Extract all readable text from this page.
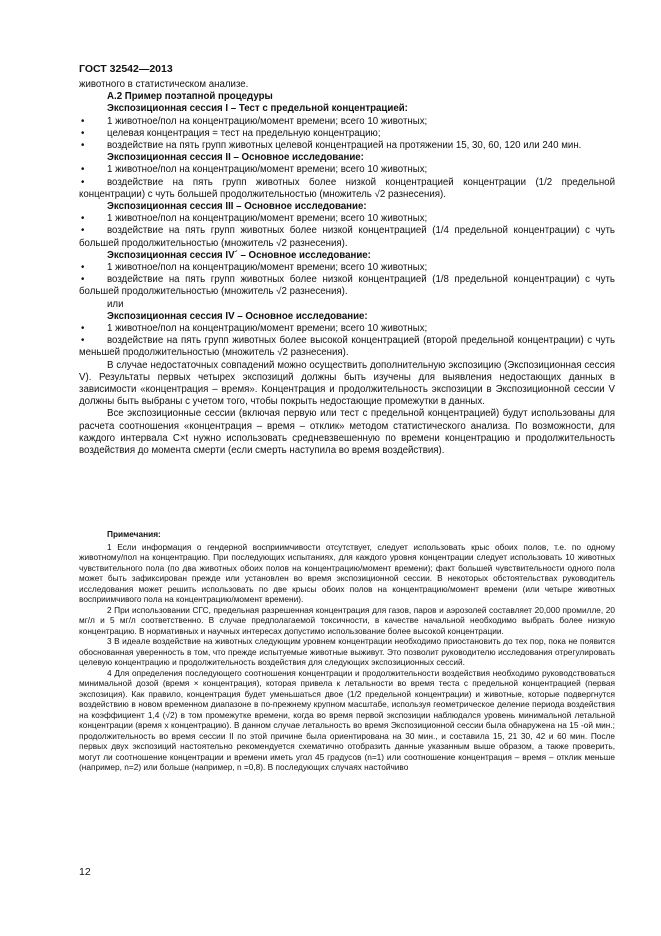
ГОСТ 32542—2013

животного в статистическом анализе.

А.2 Пример поэтапной процедуры

Экспозиционная сессия I – Тест с предельной концентрацией:

•	1 животное/пол на концентрацию/момент времени; всего 10 животных;
•	целевая концентрация = тест на предельную концентрацию;

• воздействие на пять групп животных целевой концентрацией на протяжении 15, 30, 60, 120 или 240 мин.

Экспозиционная сессия II – Основное исследование:

•	1 животное/пол на концентрацию/момент времени; всего 10 животных;

• воздействие на пять групп животных более низкой концентрацией концентрации (1/2 предельной концентрации) с чуть большей продолжительностью (множитель √2 разнесения).

Экспозиционная сессия III – Основное исследование:

•	1 животное/пол на концентрацию/момент времени; всего 10 животных;

• воздействие на пять групп животных более низкой концентрацией (1/4 предельной концентрации) с чуть большей продолжительностью (множитель √2 разнесения).

Экспозиционная сессия IV´ – Основное исследование:

•	1 животное/пол на концентрацию/момент времени; всего 10 животных;

• воздействие на пять групп животных более низкой концентрацией (1/8 предельной концентрации) с чуть большей продолжительностью (множитель √2 разнесения).

или

Экспозиционная сессия IV – Основное исследование:

•	1 животное/пол на концентрацию/момент времени; всего 10 животных;

• воздействие на пять групп животных более высокой концентрацией (второй предельной концентрации) с чуть меньшей продолжительностью (множитель √2 разнесения).

В случае недостаточных совпадений можно осуществить дополнительную экспозицию (Экспозиционная сессия V). Результаты первых четырех экспозиций должны быть изучены для выявления недостающих данных в зависимости «концентрация – время». Концентрация и продолжительность экспозиции в Экспозиционной сессии V должны быть выбраны с учетом того, чтобы покрыть недостающие промежутки в данных.

Все экспозиционные сессии (включая первую или тест с предельной концентрацией) будут использованы для расчета соотношения «концентрация – время – отклик» методом статистического анализа. По возможности, для каждого интервала C×t нужно использовать средневзвешенную по времени концентрацию и продолжительность воздействия до момента смерти (если смерть наступила во время воздействия).

Примечания:

1 Если информация о гендерной восприимчивости отсутствует, следует использовать крыс обоих полов, т.е. по одному животному/пол на концентрацию. При последующих испытаниях, для каждого уровня концентрации следует использовать 10 животных чувствительного пола (по два животных обоих полов на концентрацию/момент времени); факт большей чувствительности одного пола может быть зафиксирован прежде или установлен во время экспозиционной сессии. В некоторых обстоятельствах руководитель исследования может решить использовать по две крысы обоих полов на концентрацию/момент времени (или четыре животных восприимчивого пола на концентрацию/момент времени).

2 При использовании СГС, предельная разрешенная концентрация для газов, паров и аэрозолей составляет 20,000 промилле, 20 мг/л и 5 мг/л соответственно. В случае предполагаемой токсичности, в качестве начальной необходимо выбрать более низкую концентрацию. В нормативных и научных интересах допустимо использование более высокой концентрации.

3 В идеале воздействие на животных следующим уровнем концентрации необходимо приостановить до тех пор, пока не появится обоснованная уверенность в том, что прежде испытуемые животные выживут. Это позволит руководителю исследования отрегулировать целевую концентрацию и продолжительность воздействия для следующих экспозиционных сессий.

4 Для определения последующего соотношения концентрации и продолжительности воздействия необходимо руководствоваться минимальной дозой (время × концентрация), которая привела к летальности во время теста с предельной концентрацией (первая экспозиция). Как правило, концентрация будет уменьшаться двое (1/2 предельной концентрации) и животные, которые подвергнутся воздействию в новом временном диапазоне в по-прежнему крупном масштабе, используя геометрическое деление периода воздействия на коэффициент 1,4 (√2) в том промежутке времени, когда во время первой экспозиции наблюдался уровень минимальной летальной концентрации (время х концентрацию). В данном случае летальность во время Экспозиционной сессии была обнаружена на 15 -ой мин.; продолжительность во время сессии II по этой причине была ориентирована на 30 мин., и составила 15, 21 30, 42 и 60 мин. После первых двух экспозиций настоятельно рекомендуется схематично отобразить данные указанным выше образом, а также проверить, могут ли соотношение концентрации и времени иметь угол 45 градусов (n=1) или соотношение концентрация – время – отклик меньше (например, n=2) или больше (например, n =0,8). В последующих случаях настойчиво

12
